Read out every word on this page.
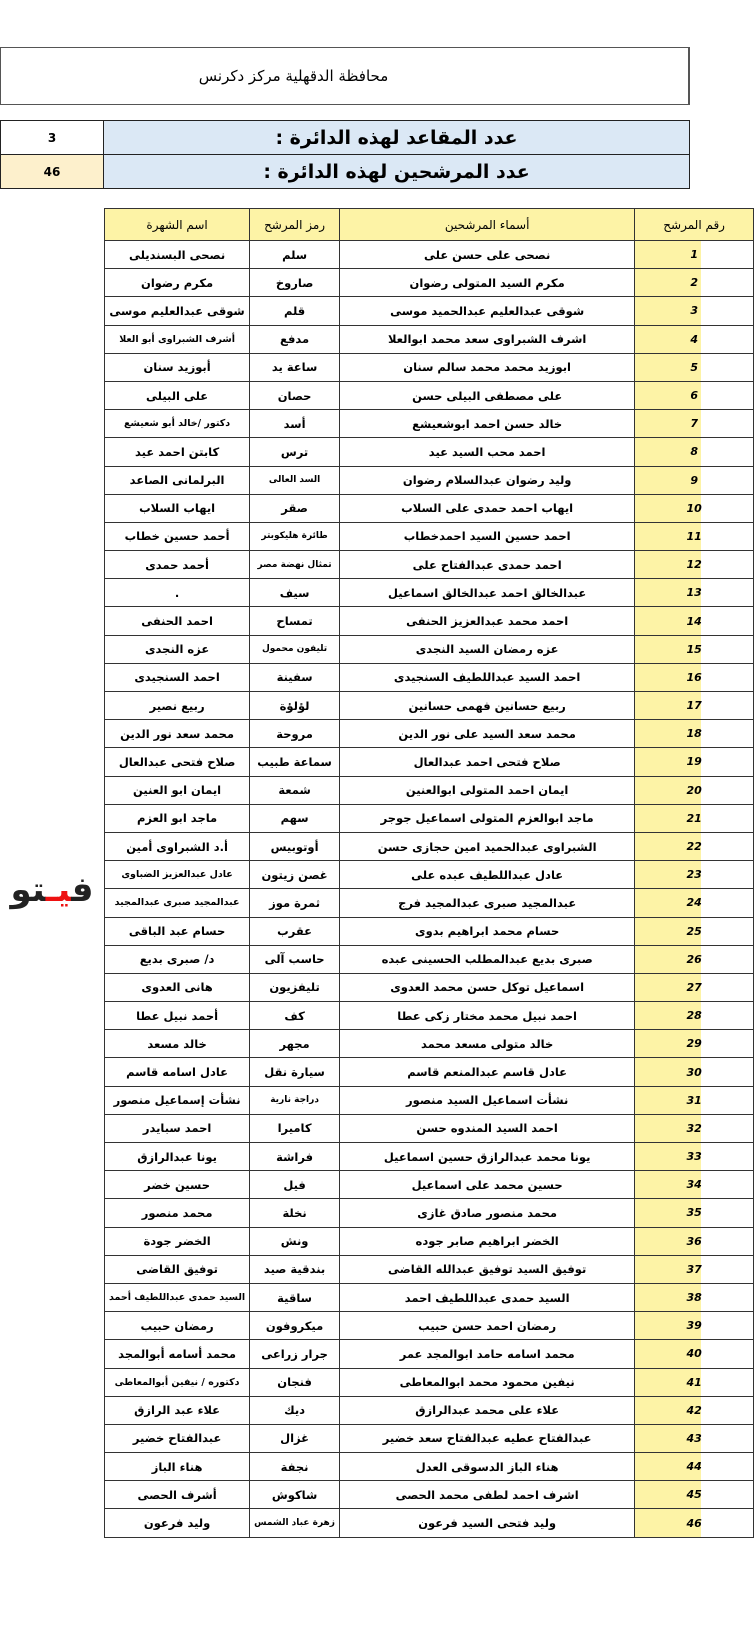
محافظة الدقهلية مركز دكرنس
3	عدد المقاعد لهذه الدائرة :
46	عدد المرشحين لهذه الدائرة :
رقم المرشح	أسماء المرشحين	رمز المرشح	اسم الشهرة
1	نصحى على حسن على	سلم	نصحى البسنديلى
2	مكرم السيد المتولى رضوان	صاروخ	مكرم رضوان
3	شوقى عبدالعليم عبدالحميد موسى	قلم	شوقى عبدالعليم موسى
4	اشرف الشبراوى سعد محمد ابوالعلا	مدفع	أشرف الشبراوى أبو العلا
5	ابوزيد محمد محمد سالم سنان	ساعة يد	أبوزيد سنان
6	على مصطفى البيلى حسن	حصان	على البيلى
7	خالد حسن احمد ابوشعيشع	أسد	دكتور /خالد أبو شعيشع
8	احمد محب السيد عيد	ترس	كابتن احمد عيد
9	وليد رضوان عبدالسلام رضوان	السد العالى	البرلمانى الصاعد
10	ايهاب احمد حمدى على السلاب	صقر	ايهاب السلاب
11	احمد حسين السيد احمدخطاب	طائرة هليكوبتر	أحمد حسين خطاب
12	احمد حمدى عبدالفتاح على	تمثال نهضة مصر	أحمد حمدى
13	عبدالخالق احمد عبدالخالق اسماعيل	سيف	.
14	احمد محمد عبدالعزيز الحنفى	تمساح	احمد الحنفى
15	عزه رمضان السيد النجدى	تليفون محمول	عزه النجدى
16	احمد السيد عبداللطيف السنجيدى	سفينة	احمد السنجيدى
17	ربيع حسانين فهمى حسانين	لؤلؤة	ربيع نصير
18	محمد سعد السيد على نور الدين	مروحة	محمد سعد نور الدين
19	صلاح فتحى احمد عبدالعال	سماعة طبيب	صلاح فتحى عبدالعال
20	ايمان احمد المتولى ابوالعنين	شمعة	ايمان ابو العنين
21	ماجد ابوالعزم المتولى اسماعيل جوجر	سهم	ماجد ابو العزم
22	الشبراوى عبدالحميد امين حجازى حسن	أوتوبيس	أ.د الشبراوى أمين
23	عادل عبداللطيف عبده على	غصن زيتون	عادل عبدالعزيز الضباوى
24	عبدالمجيد صبرى عبدالمجيد فرج	ثمرة موز	عبدالمجيد صبرى عبدالمجيد
25	حسام محمد ابراهيم بدوى	عقرب	حسام عبد الباقى
26	صبرى بديع عبدالمطلب الحسينى عبده	حاسب آلى	د/ صبرى بديع
27	اسماعيل توكل حسن محمد العدوى	تليفزيون	هانى العدوى
28	احمد نبيل محمد مختار زكى عطا	كف	أحمد نبيل عطا
29	خالد متولى مسعد محمد	مجهر	خالد مسعد
30	عادل قاسم عبدالمنعم قاسم	سيارة نقل	عادل اسامه قاسم
31	نشأت اسماعيل السيد منصور	دراجة نارية	نشأت إسماعيل منصور
32	احمد السيد المندوه حسن	كاميرا	احمد سبايدر
33	يونا محمد عبدالرازق حسين اسماعيل	فراشة	يونا عبدالرازق
34	حسين محمد على اسماعيل	فيل	حسين خضر
35	محمد منصور صادق غازى	نخلة	محمد منصور
36	الخضر ابراهيم صابر جوده	ونش	الخضر جودة
37	توفيق السيد توفيق عبدالله القاضى	بندقية صيد	توفيق القاضى
38	السيد حمدى عبداللطيف احمد	ساقية	السيد حمدى عبداللطيف أحمد
39	رمضان احمد حسن حبيب	ميكروفون	رمضان حبيب
40	محمد اسامه حامد ابوالمجد عمر	جرار زراعى	محمد أسامه أبوالمجد
41	نيفين محمود محمد ابوالمعاطى	فنجان	دكتوره / نيفين أبوالمعاطى
42	علاء على محمد عبدالرازق	ديك	علاء عبد الرازق
43	عبدالفتاح عطيه عبدالفتاح سعد خضير	غزال	عبدالفتاح خضير
44	هناء الباز الدسوقى العدل	نجفة	هناء الباز
45	اشرف احمد لطفى محمد الحصى	شاكوش	أشرف الحصى
46	وليد فتحى السيد فرعون	زهرة عباد الشمس	وليد فرعون
فيـتو
